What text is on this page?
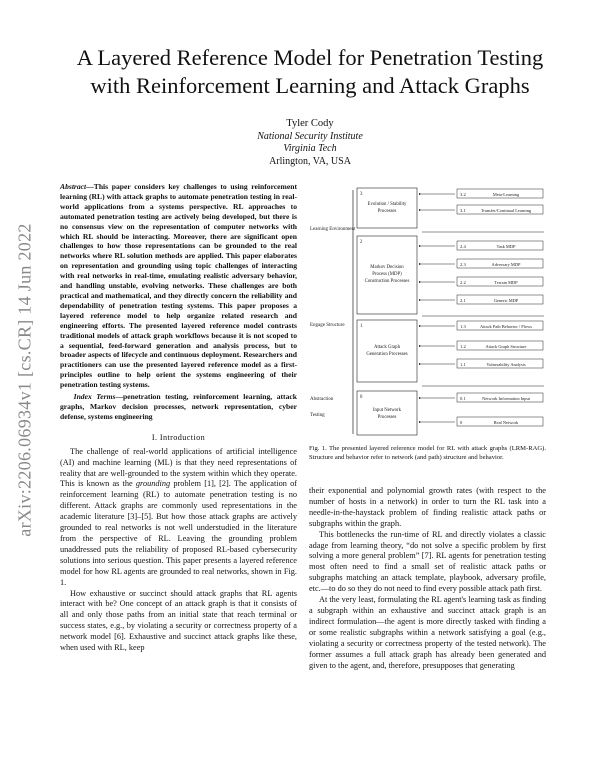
arXiv:2206.06934v1 [cs.CR] 14 Jun 2022
A Layered Reference Model for Penetration Testing
with Reinforcement Learning and Attack Graphs
Tyler Cody
National Security Institute
Virginia Tech
Arlington, VA, USA

Abstract—This paper considers key challenges to using reinforcement learning (RL) with attack graphs to automate penetration testing in real-world applications from a systems perspective. RL approaches to automated penetration testing are actively being developed, but there is no consensus view on the representation of computer networks with which RL should be interacting. Moreover, there are significant open challenges to how those representations can be grounded to the real networks where RL solution methods are applied. This paper elaborates on representation and grounding using topic challenges of interacting with real networks in real-time, emulating realistic adversary behavior, and handling unstable, evolving networks. These challenges are both practical and mathematical, and they directly concern the reliability and dependability of penetration testing systems. This paper proposes a layered reference model to help organize related research and engineering efforts. The presented layered reference model contrasts traditional models of attack graph workflows because it is not scoped to a sequential, feed-forward generation and analysis process, but to broader aspects of lifecycle and continuous deployment. Researchers and practitioners can use the presented layered reference model as a first-principles outline to help orient the systems engineering of their penetration testing systems.

Index Terms—penetration testing, reinforcement learning, attack graphs, Markov decision processes, network representation, cyber defense, systems engineering

I. Introduction

The challenge of real-world applications of artificial intelligence (AI) and machine learning (ML) is that they need representations of reality that are well-grounded to the system within which they operate. This is known as the grounding problem [1], [2]. The application of reinforcement learning (RL) to automate penetration testing is no different. Attack graphs are commonly used representations in the academic literature [3]–[5]. But how those attack graphs are actively grounded to real networks is not well understudied in the literature from the perspective of RL. Leaving the grounding problem unaddressed puts the reliability of proposed RL-based cybersecurity solutions into serious question. This paper presents a layered reference model for how RL agents are grounded to real networks, shown in Fig. 1.

How exhaustive or succinct should attack graphs that RL agents interact with be? One concept of an attack graph is that it consists of all and only those paths from an initial state that reach terminal or success states, e.g., by violating a security or correctness property of a network model [6]. Exhaustive and succinct attack graphs like these, when used with RL, keep

Learning Environment
Engage Structure
Abstraction
Testing
3
Evolution / Stability
Processes
2
Markov Decision
Process (MDP)
Construction Processes
1
Attack Graph
Generation Processes
0
Input Network
Processes
3.2	Meta-Learning
3.1	Transfer/Continual Learning
2.4	Task MDP
2.3	Adversary MDP
2.2	Terrain MDP
2.1	Generic MDP
1.3	Attack Path Behavior / Flows
1.2	Attack Graph Structure
1.1	Vulnerability Analysis
0.1	Network Information Input
0	Real Network
Fig. 1. The presented layered reference model for RL with attack graphs (LRM-RAG). Structure and behavior refer to network (and path) structure and behavior.

their exponential and polynomial growth rates (with respect to the number of hosts in a network) in order to turn the RL task into a needle-in-the-haystack problem of finding realistic attack paths or subgraphs within the graph.

This bottlenecks the run-time of RL and directly violates a classic adage from learning theory, “do not solve a specific problem by first solving a more general problem” [7]. RL agents for penetration testing most often need to find a small set of realistic attack paths or subgraphs matching an attack template, playbook, adversary profile, etc.—to do so they do not need to find every possible attack path first.

At the very least, formulating the RL agent's learning task as finding a subgraph within an exhaustive and succinct attack graph is an indirect formulation—the agent is more directly tasked with finding a or some realistic subgraphs within a network satisfying a goal (e.g., violating a security or correctness property of the tested network). The former assumes a full attack graph has already been generated and given to the agent, and, therefore, presupposes that generating
